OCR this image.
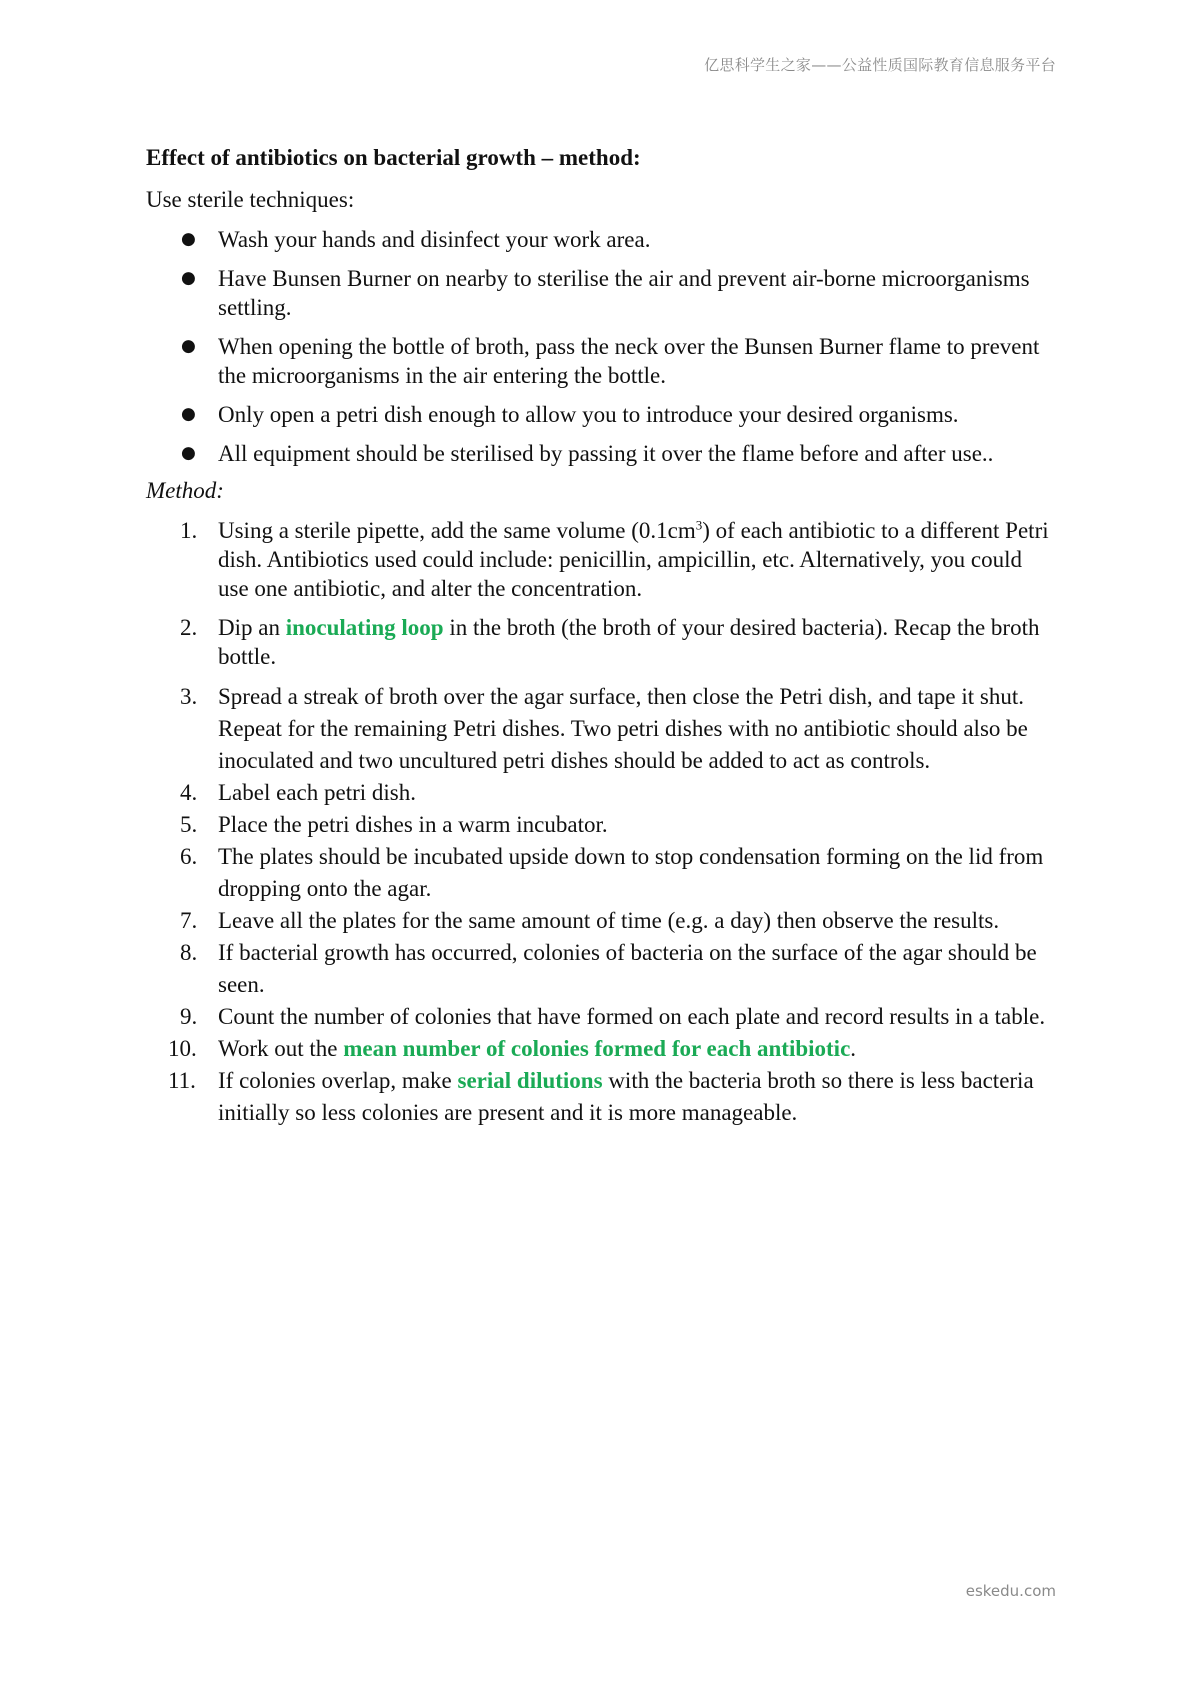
亿思科学生之家——公益性质国际教育信息服务平台
Effect of antibiotics on bacterial growth – method:

Use sterile techniques:

● Wash your hands and disinfect your work area.
● Have Bunsen Burner on nearby to sterilise the air and prevent air-borne microorganisms settling.
● When opening the bottle of broth, pass the neck over the Bunsen Burner flame to prevent the microorganisms in the air entering the bottle.
● Only open a petri dish enough to allow you to introduce your desired organisms.
● All equipment should be sterilised by passing it over the flame before and after use..

Method:

1. Using a sterile pipette, add the same volume $(0.1cm^3)$ of each antibiotic to a different Petri dish. Antibiotics used could include: penicillin, ampicillin, etc. Alternatively, you could use one antibiotic, and alter the concentration.
2. Dip an inoculating loop in the broth (the broth of your desired bacteria). Recap the broth bottle.
3. Spread a streak of broth over the agar surface, then close the Petri dish, and tape it shut. Repeat for the remaining Petri dishes. Two petri dishes with no antibiotic should also be inoculated and two uncultured petri dishes should be added to act as controls.
4. Label each petri dish.
5. Place the petri dishes in a warm incubator.
6. The plates should be incubated upside down to stop condensation forming on the lid from dropping onto the agar.
7. Leave all the plates for the same amount of time (e.g. a day) then observe the results.
8. If bacterial growth has occurred, colonies of bacteria on the surface of the agar should be seen.
9. Count the number of colonies that have formed on each plate and record results in a table.
10. Work out the mean number of colonies formed for each antibiotic.
11. If colonies overlap, make serial dilutions with the bacteria broth so there is less bacteria initially so less colonies are present and it is more manageable.
eskedu.com
